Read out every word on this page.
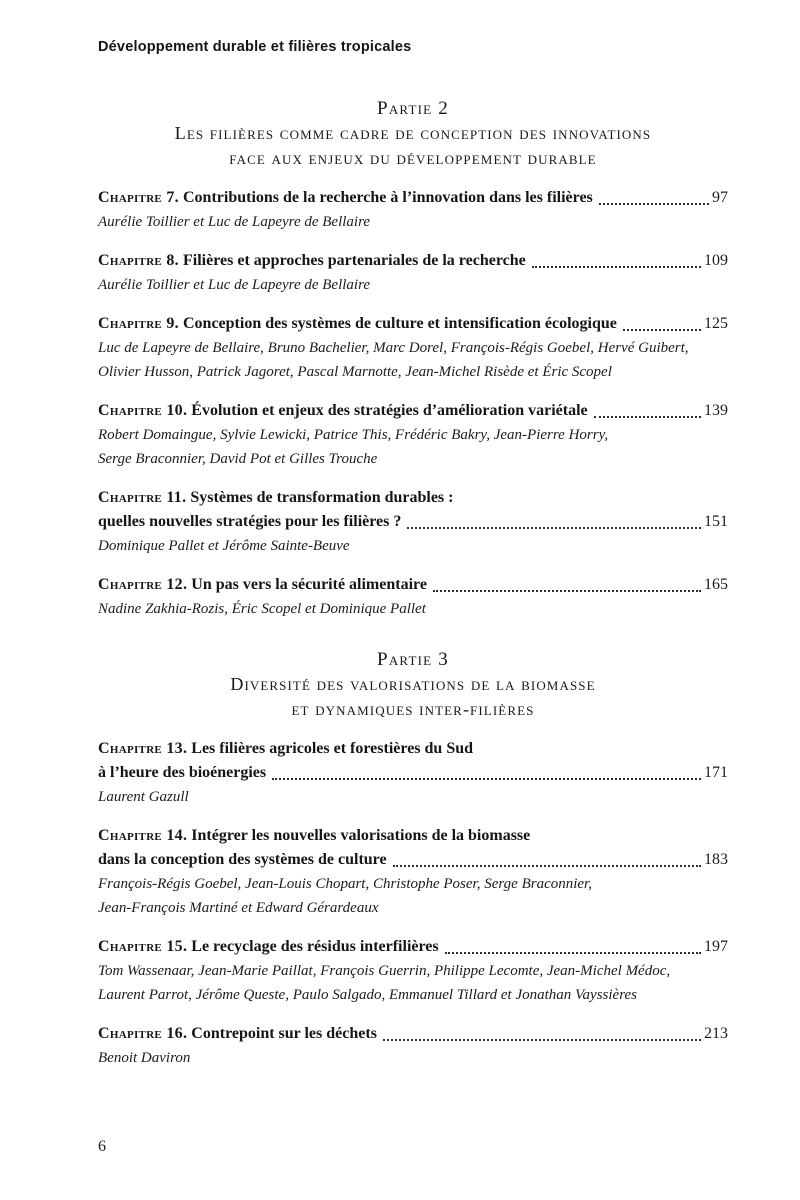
Développement durable et filières tropicales
Partie 2
Les filières comme cadre de conception des innovations
face aux enjeux du développement durable
Chapitre 7. Contributions de la recherche à l’innovation dans les filières	97
Aurélie Toillier et Luc de Lapeyre de Bellaire
Chapitre 8. Filières et approches partenariales de la recherche	109
Aurélie Toillier et Luc de Lapeyre de Bellaire
Chapitre 9. Conception des systèmes de culture et intensification écologique	125
Luc de Lapeyre de Bellaire, Bruno Bachelier, Marc Dorel, François-Régis Goebel, Hervé Guibert,
Olivier Husson, Patrick Jagoret, Pascal Marnotte, Jean-Michel Risède et Éric Scopel
Chapitre 10. Évolution et enjeux des stratégies d’amélioration variétale	139
Robert Domaingue, Sylvie Lewicki, Patrice This, Frédéric Bakry, Jean-Pierre Horry,
Serge Braconnier, David Pot et Gilles Trouche
Chapitre 11. Systèmes de transformation durables :
quelles nouvelles stratégies pour les filières ?	151
Dominique Pallet et Jérôme Sainte-Beuve
Chapitre 12. Un pas vers la sécurité alimentaire	165
Nadine Zakhia-Rozis, Éric Scopel et Dominique Pallet
Partie 3
Diversité des valorisations de la biomasse
et dynamiques inter-filières
Chapitre 13. Les filières agricoles et forestières du Sud
à l’heure des bioénergies	171
Laurent Gazull
Chapitre 14. Intégrer les nouvelles valorisations de la biomasse
dans la conception des systèmes de culture	183
François-Régis Goebel, Jean-Louis Chopart, Christophe Poser, Serge Braconnier,
Jean-François Martiné et Edward Gérardeaux
Chapitre 15. Le recyclage des résidus interfilières	197
Tom Wassenaar, Jean-Marie Paillat, François Guerrin, Philippe Lecomte, Jean-Michel Médoc,
Laurent Parrot, Jérôme Queste, Paulo Salgado, Emmanuel Tillard et Jonathan Vayssières
Chapitre 16. Contrepoint sur les déchets	213
Benoit Daviron
6
